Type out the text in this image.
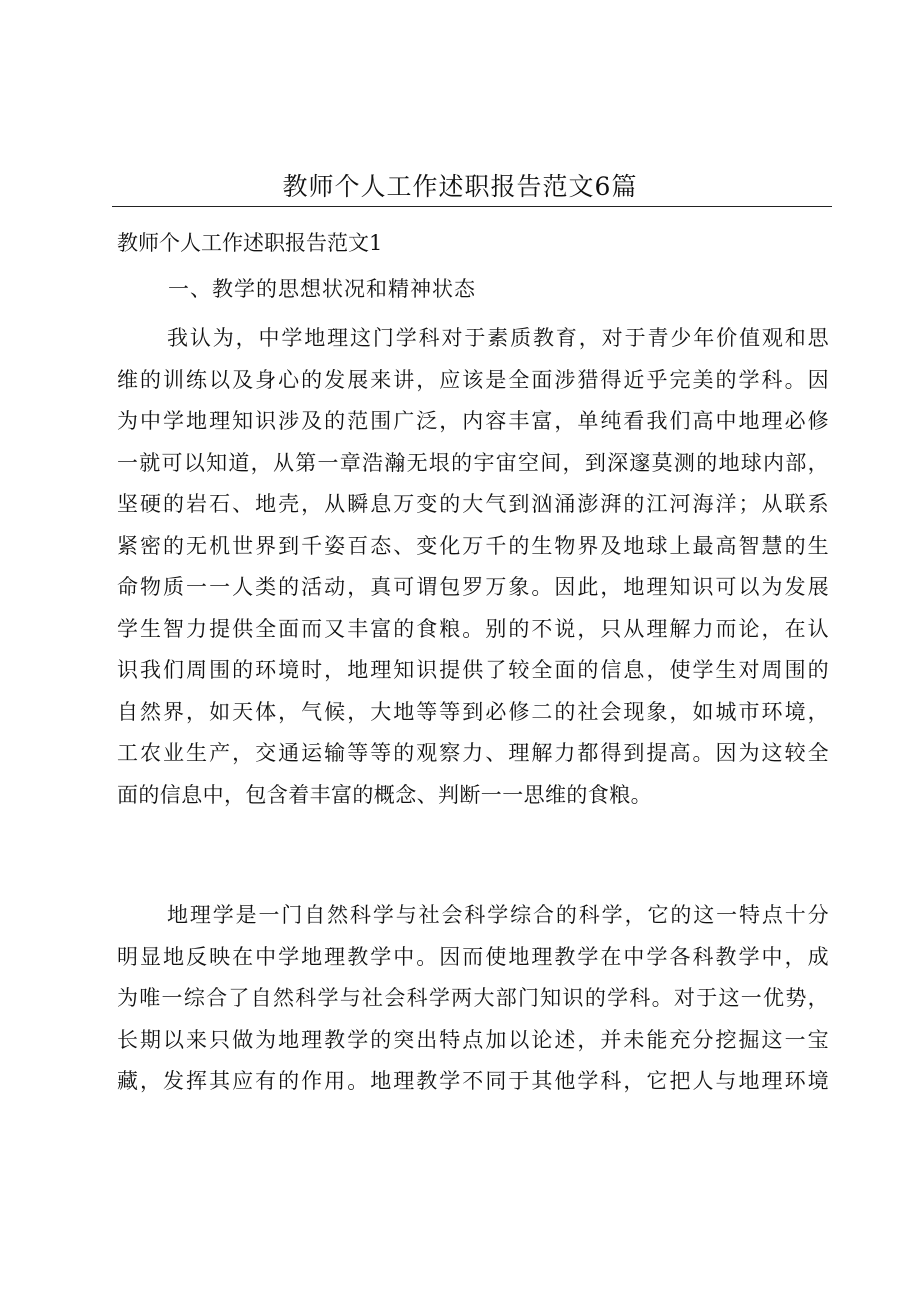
教师个人工作述职报告范文6篇
教师个人工作述职报告范文1
一、教学的思想状况和精神状态
我认为，中学地理这门学科对于素质教育，对于青少年价值观和思
维的训练以及身心的发展来讲，应该是全面涉猎得近乎完美的学科。因
为中学地理知识涉及的范围广泛，内容丰富，单纯看我们高中地理必修
一就可以知道，从第一章浩瀚无垠的宇宙空间，到深邃莫测的地球内部，
坚硬的岩石、地壳，从瞬息万变的大气到汹涌澎湃的江河海洋；从联系
紧密的无机世界到千姿百态、变化万千的生物界及地球上最高智慧的生
命物质一一人类的活动，真可谓包罗万象。因此，地理知识可以为发展
学生智力提供全面而又丰富的食粮。别的不说，只从理解力而论，在认
识我们周围的环境时，地理知识提供了较全面的信息，使学生对周围的
自然界，如天体，气候，大地等等到必修二的社会现象，如城市环境，
工农业生产，交通运输等等的观察力、理解力都得到提高。因为这较全
面的信息中，包含着丰富的概念、判断一一思维的食粮。
地理学是一门自然科学与社会科学综合的科学，它的这一特点十分
明显地反映在中学地理教学中。因而使地理教学在中学各科教学中，成
为唯一综合了自然科学与社会科学两大部门知识的学科。对于这一优势，
长期以来只做为地理教学的突出特点加以论述，并未能充分挖掘这一宝
藏，发挥其应有的作用。地理教学不同于其他学科，它把人与地理环境
